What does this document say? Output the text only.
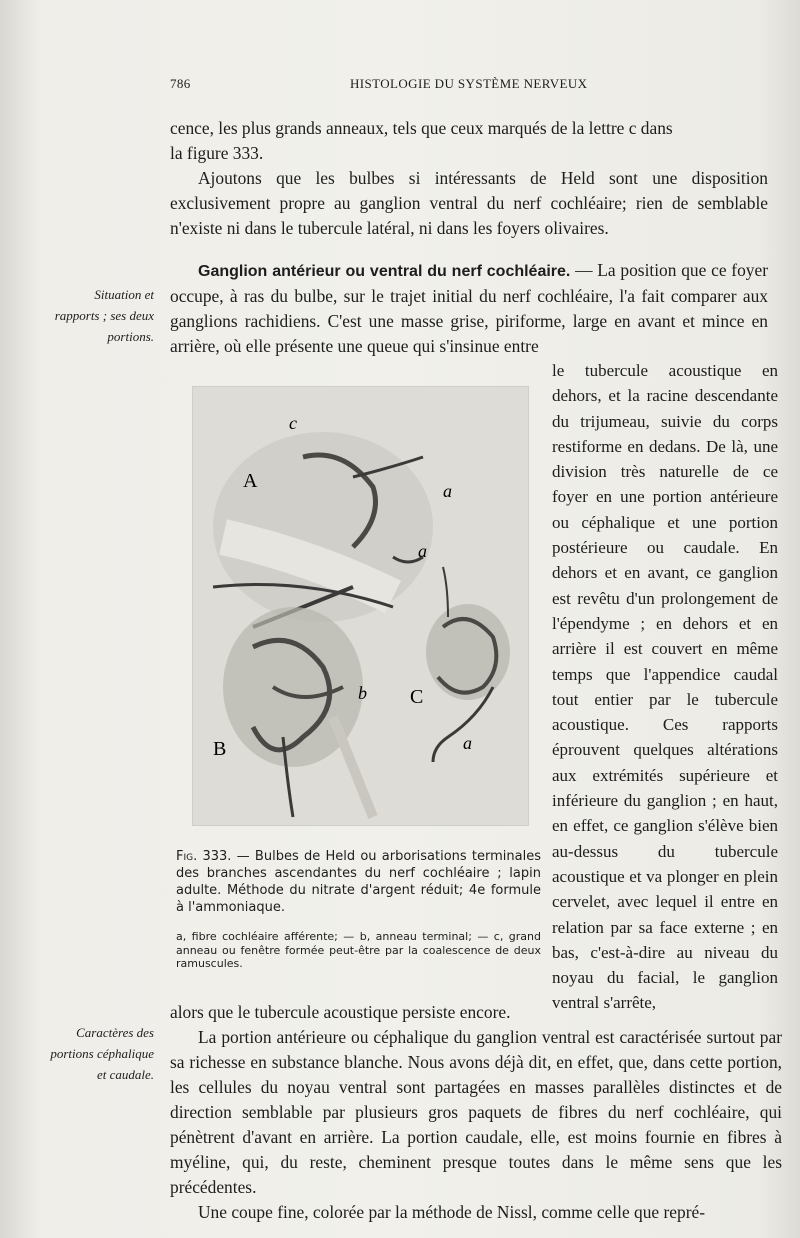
786	HISTOLOGIE DU SYSTÈME NERVEUX

cence, les plus grands anneaux, tels que ceux marqués de la lettre c dans

la figure 333.

Ajoutons que les bulbes si intéressants de Held sont une disposition exclusivement propre au ganglion ventral du nerf cochléaire; rien de semblable n'existe ni dans le tubercule latéral, ni dans les foyers olivaires.

Ganglion antérieur ou ventral du nerf cochléaire. — La position que ce foyer occupe, à ras du bulbe, sur le trajet initial du nerf cochléaire, l'a fait comparer aux ganglions rachidiens. C'est une masse grise, piriforme, large en avant et mince en arrière, où elle présente une queue qui s'insinue entre

Situation et rapports ; ses deux portions.

le tubercule acoustique en dehors, et la racine descendante du trijumeau, suivie du corps restiforme en dedans. De là, une division très naturelle de ce foyer en une portion antérieure ou céphalique et une portion postérieure ou caudale. En dehors et en avant, ce ganglion est revêtu d'un prolongement de l'épendyme ; en dehors et en arrière il est couvert en même temps que l'appendice caudal tout entier par le tubercule acoustique. Ces rapports éprouvent quelques altérations aux extrémités supérieure et inférieure du ganglion ; en haut, en effet, ce ganglion s'élève bien au-dessus du tubercule acoustique et va plonger en plein cervelet, avec lequel il entre en relation par sa face externe ; en bas, c'est-à-dire au niveau du noyau du facial, le ganglion ventral s'arrête,

A
B
C
a
a
a
b
c

Fig. 333. — Bulbes de Held ou arborisations terminales des branches ascendantes du nerf cochléaire ; lapin adulte. Méthode du nitrate d'argent réduit; 4e formule à l'ammoniaque.

a, fibre cochléaire afférente; — b, anneau terminal; — c, grand anneau ou fenêtre formée peut-être par la coalescence de deux ramuscules.

alors que le tubercule acoustique persiste encore.

La portion antérieure ou céphalique du ganglion ventral est caractérisée surtout par sa richesse en substance blanche. Nous avons déjà dit, en effet, que, dans cette portion, les cellules du noyau ventral sont partagées en masses parallèles distinctes et de direction semblable par plusieurs gros paquets de fibres du nerf cochléaire, qui pénètrent d'avant en arrière. La portion caudale, elle, est moins fournie en fibres à myéline, qui, du reste, cheminent presque toutes dans le même sens que les précédentes.

Une coupe fine, colorée par la méthode de Nissl, comme celle que repré-

Caractères des portions céphalique et caudale.
